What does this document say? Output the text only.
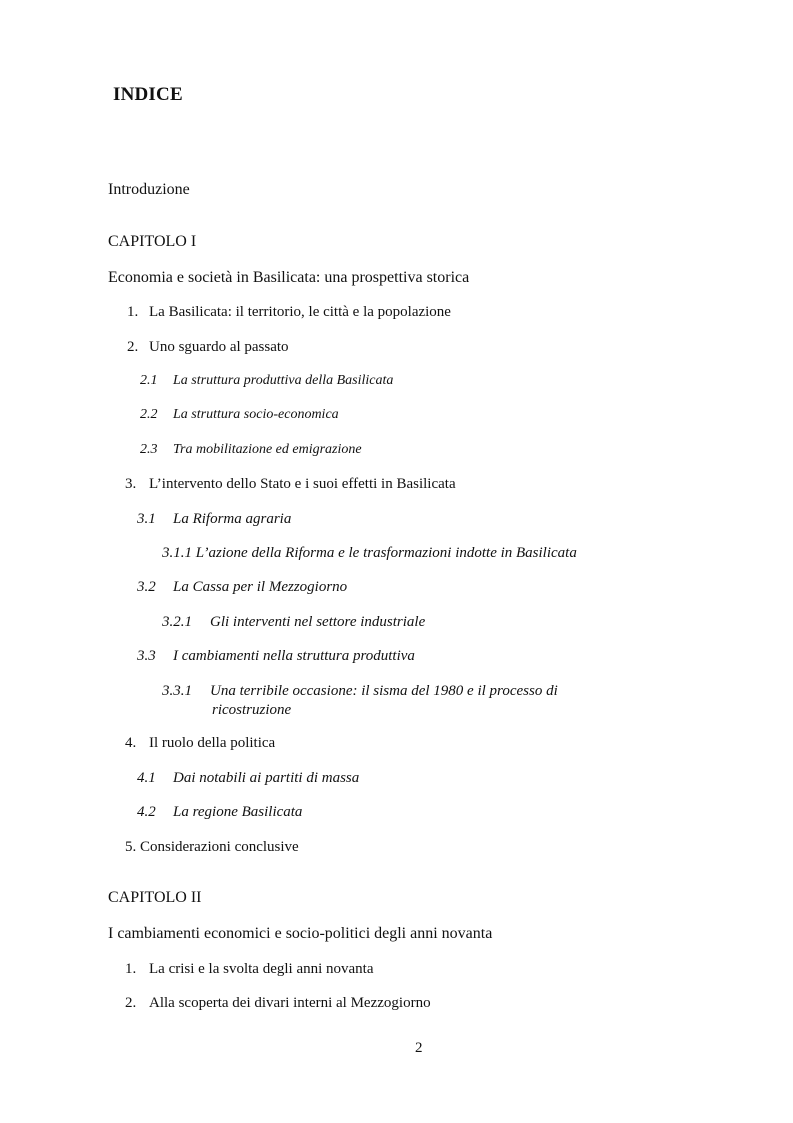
INDICE
Introduzione
CAPITOLO I
Economia e società in Basilicata: una prospettiva storica
1. La Basilicata: il territorio, le città e la popolazione
2. Uno sguardo al passato
2.1 La struttura produttiva della Basilicata
2.2 La struttura socio-economica
2.3 Tra mobilitazione ed emigrazione
3. L’intervento dello Stato e i suoi effetti in Basilicata
3.1 La Riforma agraria
3.1.1 L’azione della Riforma e le trasformazioni indotte in Basilicata
3.2 La Cassa per il Mezzogiorno
3.2.1 Gli interventi nel settore industriale
3.3 I cambiamenti nella struttura produttiva
3.3.1 Una terribile occasione: il sisma del 1980 e il processo di
ricostruzione
4. Il ruolo della politica
4.1 Dai notabili ai partiti di massa
4.2 La regione Basilicata
5. Considerazioni conclusive
CAPITOLO II
I cambiamenti economici e socio-politici degli anni novanta
1. La crisi e la svolta degli anni novanta
2. Alla scoperta dei divari interni al Mezzogiorno
2
